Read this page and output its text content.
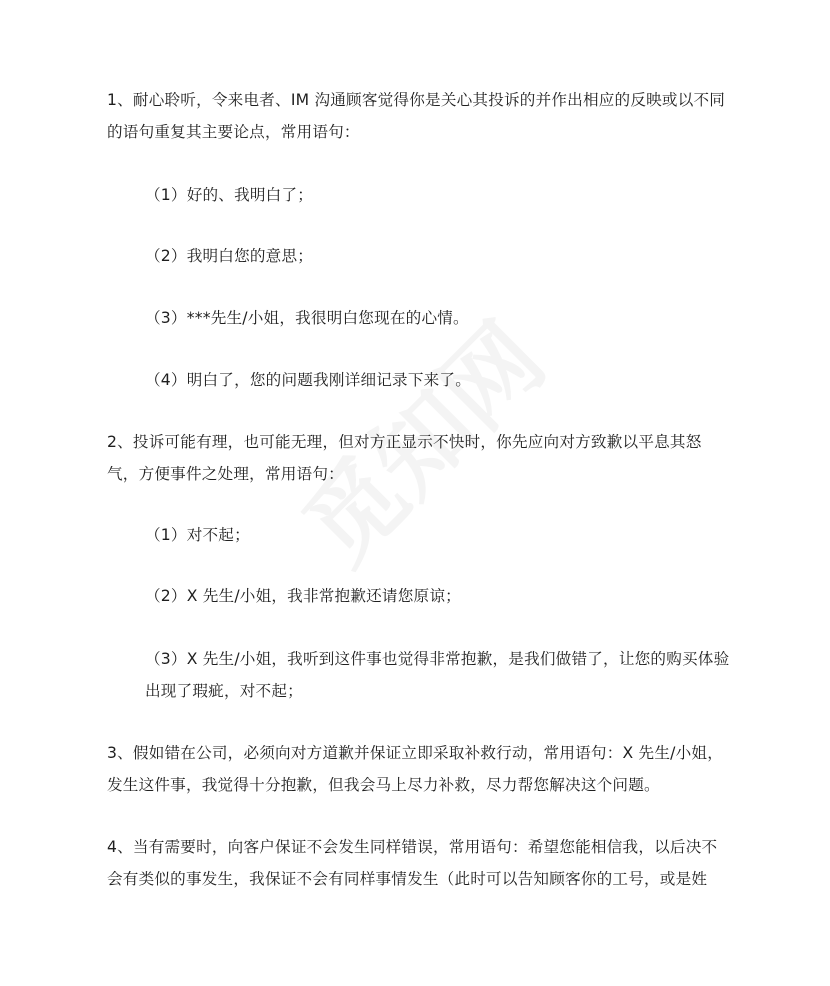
1、耐心聆听，令来电者、IM 沟通顾客觉得你是关心其投诉的并作出相应的反映或以不同的语句重复其主要论点，常用语句：

（1）好的、我明白了；

（2）我明白您的意思；

（3）***先生/小姐，我很明白您现在的心情。

（4）明白了，您的问题我刚详细记录下来了。

2、投诉可能有理，也可能无理，但对方正显示不快时，你先应向对方致歉以平息其怒气，方便事件之处理，常用语句：

（1）对不起；

（2）X 先生/小姐，我非常抱歉还请您原谅；

（3）X 先生/小姐，我听到这件事也觉得非常抱歉，是我们做错了，让您的购买体验出现了瑕疵，对不起；

3、假如错在公司，必须向对方道歉并保证立即采取补救行动，常用语句：X 先生/小姐，发生这件事，我觉得十分抱歉，但我会马上尽力补救，尽力帮您解决这个问题。

4、当有需要时，向客户保证不会发生同样错误，常用语句：希望您能相信我，以后决不会有类似的事发生，我保证不会有同样事情发生（此时可以告知顾客你的工号，或是姓
